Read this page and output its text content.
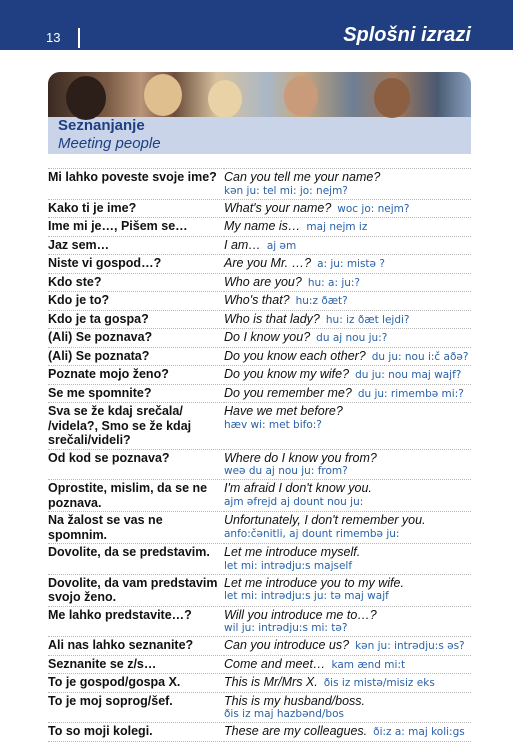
13	Splošni izrazi
Seznanjanje
Meeting people
Mi lahko poveste svoje ime?	Can you tell me your name?
kən ju: tel mi: jo: nejm?

Kako ti je ime?	What's your name? woc jo: nejm?
Ime mi je…, Pišem se…	My name is… maj nejm iz
Jaz sem…	I am… aj əm
Niste vi gospod…?	Are you Mr. …? a: ju: mistə ?
Kdo ste?	Who are you? hu: a: ju:?
Kdo je to?	Who's that? hu:z ðæt?
Kdo je ta gospa?	Who is that lady? hu: iz ðæt lejdi?
(Ali) Se poznava?	Do I know you? du aj nou ju:?
(Ali) Se poznata?	Do you know each other? du ju: nou i:č aðə?
Poznate mojo ženo?	Do you know my wife? du ju: nou maj wajf?
Se me spomnite?	Do you remember me? du ju: rimembə mi:?
Sva se že kdaj srečala/ /videla?, Smo se že kdaj srečali/videli?	Have we met before?
hæv wi: met bifo:?

Od kod se poznava?	Where do I know you from?
weə du aj nou ju: from?

Oprostite, mislim, da se ne poznava.	I'm afraid I don't know you.
ajm əfrejd aj dount nou ju:

Na žalost se vas ne spomnim.	Unfortunately, I don't remember you.
anfo:čənitli, aj dount rimembə ju:

Dovolite, da se predstavim.	Let me introduce myself.
let mi: intrədju:s majself

Dovolite, da vam predstavim svojo ženo.	Let me introduce you to my wife.
let mi: intrədju:s ju: tə maj wajf

Me lahko predstavite…?	Will you introduce me to…?
wil ju: intrədju:s mi: tə?

Ali nas lahko seznanite?	Can you introduce us? kən ju: intrədju:s əs?
Seznanite se z/s…	Come and meet… kam ænd mi:t
To je gospod/gospa X.	This is Mr/Mrs X. ðis iz mistə/misiz eks
To je moj soprog/šef.	This is my husband/boss.
ðis iz maj hazbənd/bos

To so moji kolegi.	These are my colleagues. ði:z a: maj koli:gs
